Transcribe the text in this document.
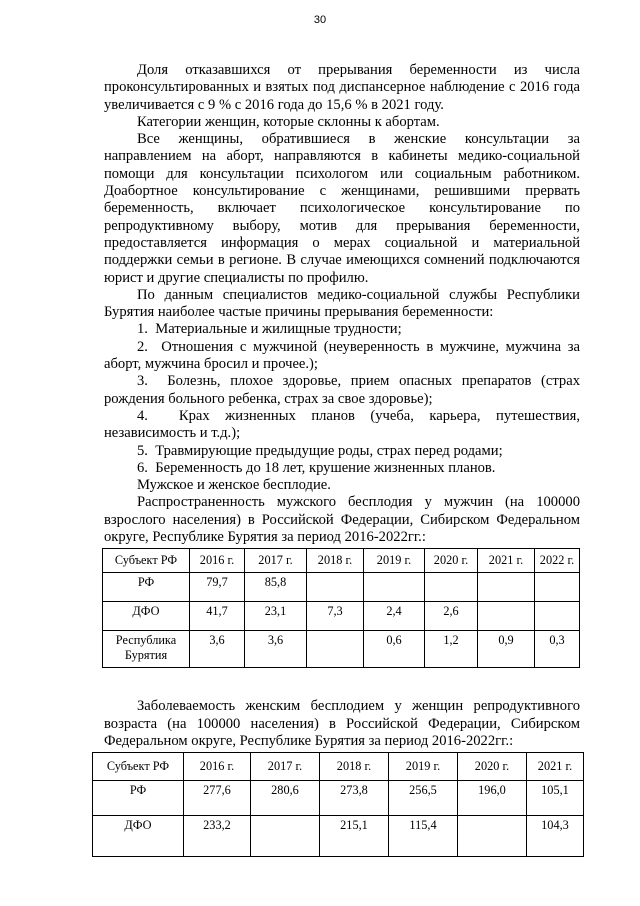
30

Доля отказавшихся от прерывания беременности из числа проконсультированных и взятых под диспансерное наблюдение с 2016 года увеличивается с 9 % с 2016 года до 15,6 % в 2021 году.

Категории женщин, которые склонны к абортам.

Все женщины, обратившиеся в женские консультации за направлением на аборт, направляются в кабинеты медико-социальной помощи для консультации психологом или социальным работником. Доабортное консультирование с женщинами, решившими прервать беременность, включает психологическое консультирование по репродуктивному выбору, мотив для прерывания беременности, предоставляется информация о мерах социальной и материальной поддержки семьи в регионе. В случае имеющихся сомнений подключаются юрист и другие специалисты по профилю.

По данным специалистов медико-социальной службы Республики Бурятия наиболее частые причины прерывания беременности:

1.  Материальные и жилищные трудности;

2.  Отношения с мужчиной (неуверенность в мужчине, мужчина за аборт, мужчина бросил и прочее.);

3.  Болезнь, плохое здоровье, прием опасных препаратов (страх рождения больного ребенка, страх за свое здоровье);

4.  Крах жизненных планов (учеба, карьера, путешествия, независимость и т.д.);

5.  Травмирующие предыдущие роды, страх перед родами;

6.  Беременность до 18 лет, крушение жизненных планов.

Мужское и женское бесплодие.

Распространенность мужского бесплодия у мужчин (на 100000 взрослого населения) в Российской Федерации, Сибирском Федеральном округе, Республике Бурятия за период 2016-2022гг.:

Субъект РФ	2016 г.	2017 г.	2018 г.	2019 г.	2020 г.	2021 г.	2022 г.
РФ	79,7	85,8					
ДФО	41,7	23,1	7,3	2,4	2,6		
Республика Бурятия	3,6	3,6		0,6	1,2	0,9	0,3

Заболеваемость женским бесплодием у женщин репродуктивного возраста (на 100000 населения) в Российской Федерации, Сибирском Федеральном округе, Республике Бурятия за период 2016-2022гг.:

Субъект РФ	2016 г.	2017 г.	2018 г.	2019 г.	2020 г.	2021 г.
РФ	277,6	280,6	273,8	256,5	196,0	105,1
ДФО	233,2		215,1	115,4		104,3
